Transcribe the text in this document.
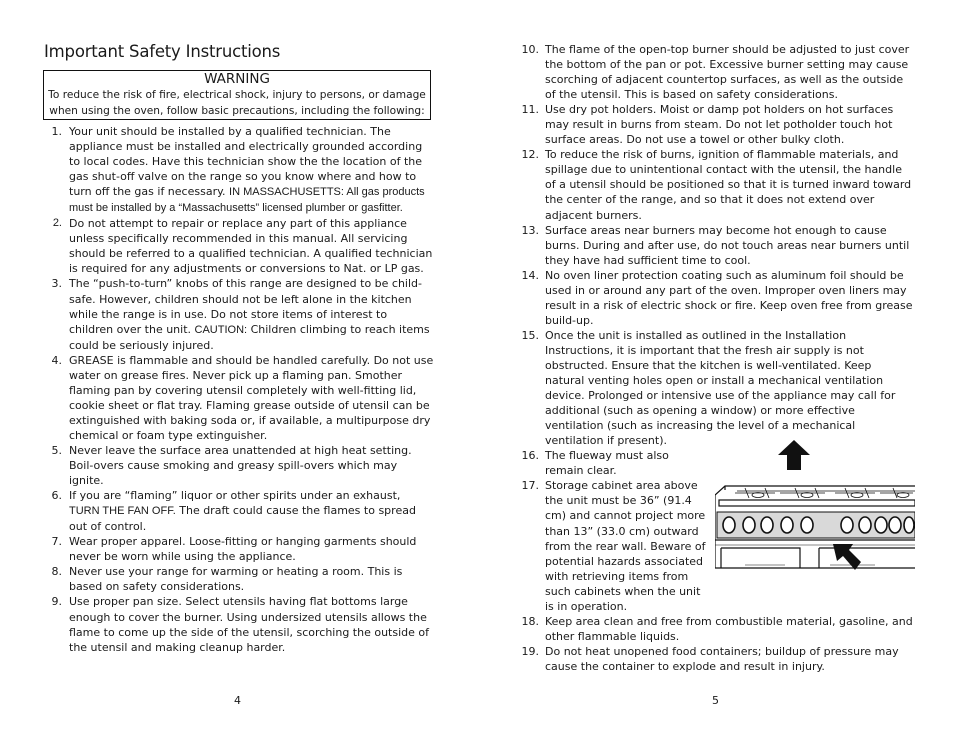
Important Safety Instructions
WARNING
To reduce the risk of fire, electrical shock, injury to persons, or damage when using the oven, follow basic precautions, including the following:
1. Your unit should be installed by a qualified technician. The appliance must be installed and electrically grounded according to local codes. Have this technician show the the location of the gas shut-off valve on the range so you know where and how to turn off the gas if necessary. IN MASSACHUSETTS: All gas products must be installed by a “Massachusetts” licensed plumber or gasfitter.
2. Do not attempt to repair or replace any part of this appliance unless specifically recommended in this manual. All servicing should be referred to a qualified technician. A qualified technician is required for any adjustments or conversions to Nat. or LP gas.
3. The “push-to-turn” knobs of this range are designed to be child-safe. However, children should not be left alone in the kitchen while the range is in use. Do not store items of interest to children over the unit. CAUTION: Children climbing to reach items could be seriously injured.
4. GREASE is flammable and should be handled carefully. Do not use water on grease fires. Never pick up a flaming pan. Smother flaming pan by covering utensil completely with well-fitting lid, cookie sheet or flat tray. Flaming grease outside of utensil can be extinguished with baking soda or, if available, a multipurpose dry chemical or foam type extinguisher.
5. Never leave the surface area unattended at high heat setting. Boil-overs cause smoking and greasy spill-overs which may ignite.
6. If you are “flaming” liquor or other spirits under an exhaust, TURN THE FAN OFF. The draft could cause the flames to spread out of control.
7. Wear proper apparel. Loose-fitting or hanging garments should never be worn while using the appliance.
8. Never use your range for warming or heating a room. This is based on safety considerations.
9. Use proper pan size. Select utensils having flat bottoms large enough to cover the burner. Using undersized utensils allows the flame to come up the side of the utensil, scorching the outside of the utensil and making cleanup harder.
4
10. The flame of the open-top burner should be adjusted to just cover the bottom of the pan or pot. Excessive burner setting may cause scorching of adjacent countertop surfaces, as well as the outside of the utensil. This is based on safety considerations.
11. Use dry pot holders. Moist or damp pot holders on hot surfaces may result in burns from steam. Do not let potholder touch hot surface areas. Do not use a towel or other bulky cloth.
12. To reduce the risk of burns, ignition of flammable materials, and spillage due to unintentional contact with the utensil, the handle of a utensil should be positioned so that it is turned inward toward the center of the range, and so that it does not extend over adjacent burners.
13. Surface areas near burners may become hot enough to cause burns. During and after use, do not touch areas near burners until they have had sufficient time to cool.
14. No oven liner protection coating such as aluminum foil should be used in or around any part of the oven. Improper oven liners may result in a risk of electric shock or fire. Keep oven free from grease build-up.
15. Once the unit is installed as outlined in the Installation Instructions, it is important that the fresh air supply is not obstructed. Ensure that the kitchen is well-ventilated. Keep natural venting holes open or install a mechanical ventilation device. Prolonged or intensive use of the appliance may call for additional (such as opening a window) or more effective ventilation (such as increasing the level of a mechanical ventilation if present).
16. The flueway must also remain clear.
17. Storage cabinet area above the unit must be 36” (91.4 cm) and cannot project more than 13” (33.0 cm) outward from the rear wall. Beware of potential hazards associated with retrieving items from such cabinets when the unit is in operation.
18. Keep area clean and free from combustible material, gasoline, and other flammable liquids.
19. Do not heat unopened food containers; buildup of pressure may cause the container to explode and result in injury.
5
